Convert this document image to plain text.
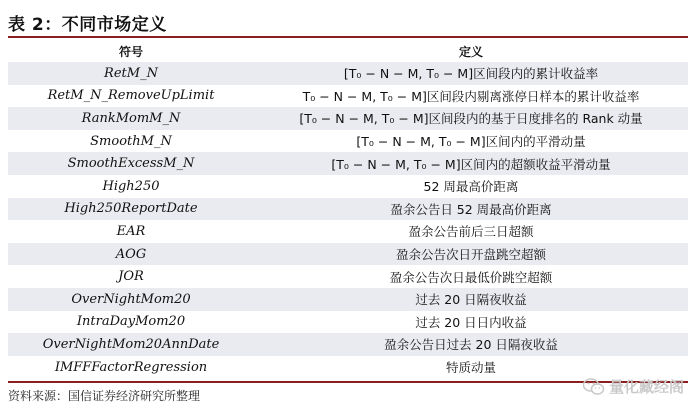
表 2：不同市场定义
符号	定义
RetM_N	[T₀ − N − M, T₀ − M]区间段内的累计收益率
RetM_N_RemoveUpLimit	T₀ − N − M, T₀ − M]区间段内剔离涨停日样本的累计收益率
RankMomM_N	[T₀ − N − M, T₀ − M]区间段内的基于日度排名的 Rank 动量
SmoothM_N	[T₀ − N − M, T₀ − M]区间内的平滑动量
SmoothExcessM_N	[T₀ − N − M, T₀ − M]区间内的超额收益平滑动量
High250	52 周最高价距离
High250ReportDate	盈余公告日 52 周最高价距离
EAR	盈余公告前后三日超额
AOG	盈余公告次日开盘跳空超额
JOR	盈余公告次日最低价跳空超额
OverNightMom20	过去 20 日隔夜收益
IntraDayMom20	过去 20 日日内收益
OverNightMom20AnnDate	盈余公告日过去 20 日隔夜收益
IMFFFactorRegression	特质动量
资料来源：国信证券经济研究所整理	量化藏经阁
